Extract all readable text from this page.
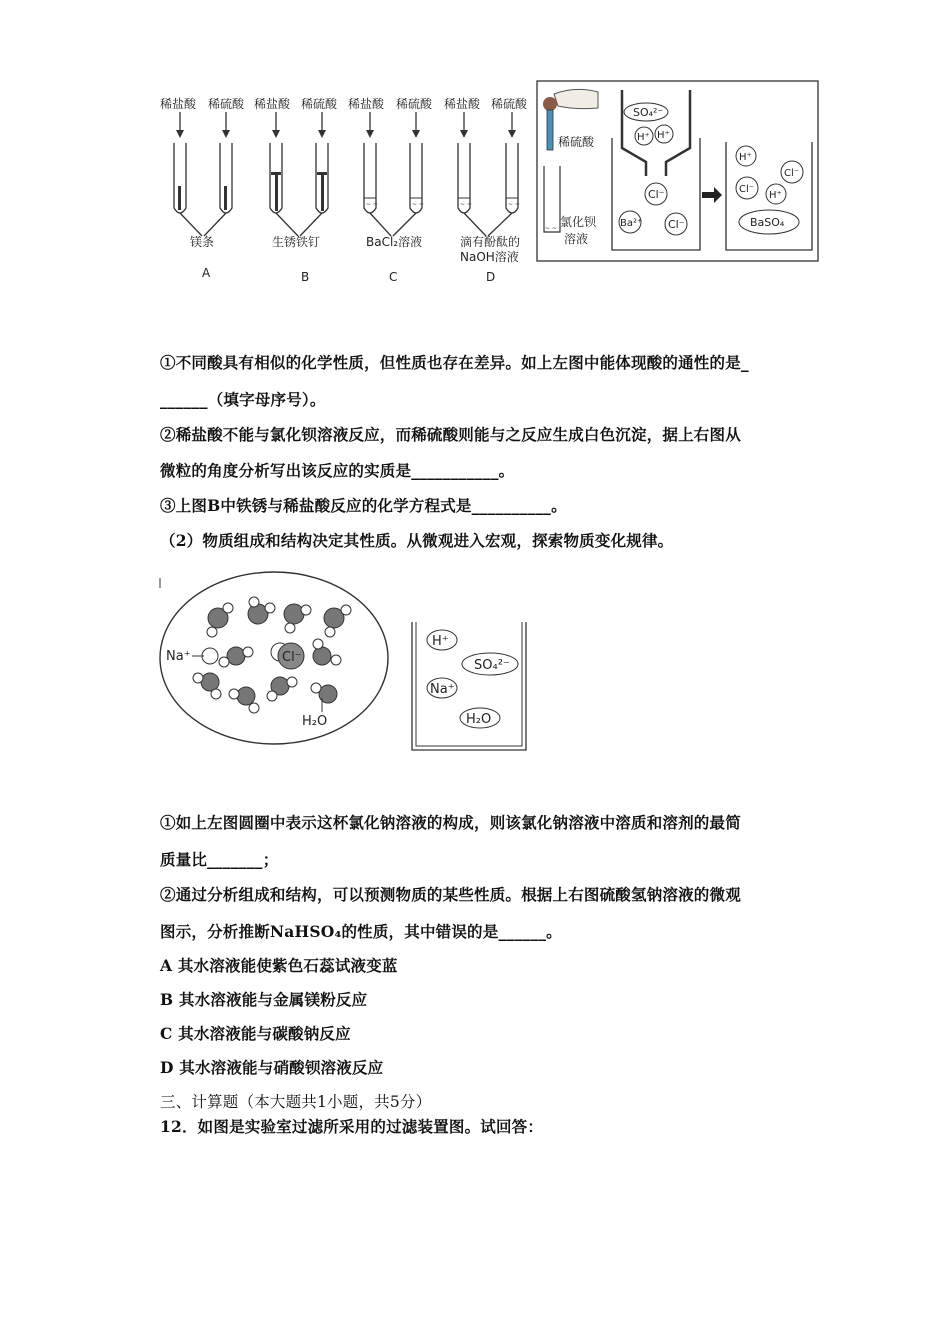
~ ~	~ ~	~ ~	~ ~
稀盐酸 稀硫酸 稀盐酸 稀硫酸 稀盐酸 稀硫酸 稀盐酸 稀硫酸
镁条	生锈铁钉	BaCl₂溶液	滴有酚酞的
NaOH溶液
A	B	C	D
稀硫酸
~ ~ 氯化钡
溶液
SO₄²⁻
H⁺ H⁺
Cl⁻
Ba²⁺ Cl⁻
H⁺
Cl⁻
Cl⁻
H⁺
BaSO₄
①不同酸具有相似的化学性质，但性质也存在差异。如上左图中能体现酸的通性的是_
______（填字母序号）。
②稀盐酸不能与氯化钡溶液反应，而稀硫酸则能与之反应生成白色沉淀，据上右图从
微粒的角度分析写出该反应的实质是___________。
③上图B中铁锈与稀盐酸反应的化学方程式是__________。
（2）物质组成和结构决定其性质。从微观进入宏观，探索物质变化规律。
Na⁺	Cl⁻
H₂O
H⁺
SO₄²⁻
Na⁺
H₂O
①如上左图圆圈中表示这杯氯化钠溶液的构成，则该氯化钠溶液中溶质和溶剂的最简
质量比_______；
②通过分析组成和结构，可以预测物质的某些性质。根据上右图硫酸氢钠溶液的微观
图示，分析推断NaHSO₄的性质，其中错误的是______。
A 其水溶液能使紫色石蕊试液变蓝
B 其水溶液能与金属镁粉反应
C 其水溶液能与碳酸钠反应
D 其水溶液能与硝酸钡溶液反应
三、计算题（本大题共1小题，共5分）
12．如图是实验室过滤所采用的过滤装置图。试回答：
